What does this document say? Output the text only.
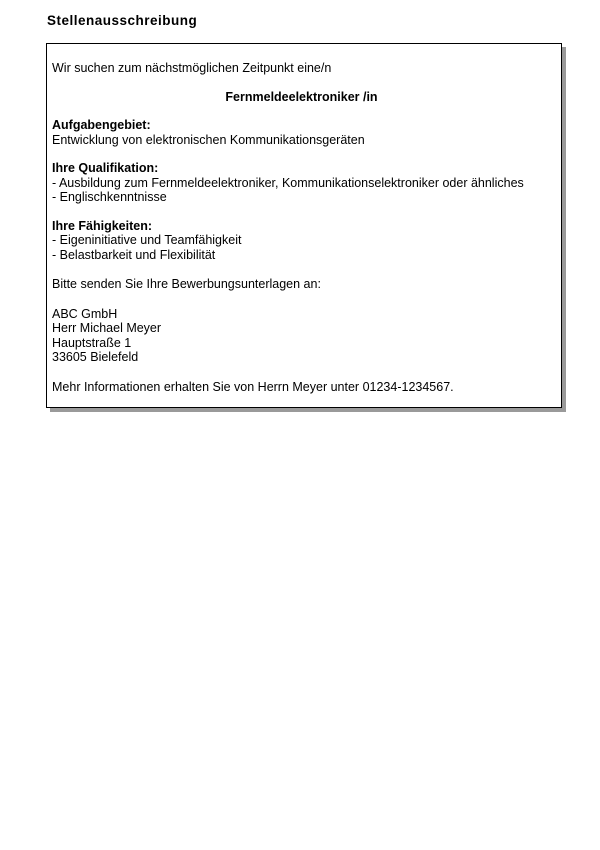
Stellenausschreibung
Wir suchen zum nächstmöglichen Zeitpunkt eine/n
Fernmeldeelektroniker /in
Aufgabengebiet:
Entwicklung von elektronischen Kommunikationsgeräten
Ihre Qualifikation:
- Ausbildung zum Fernmeldeelektroniker, Kommunikationselektroniker oder ähnliches
- Englischkenntnisse
Ihre Fähigkeiten:
- Eigeninitiative und Teamfähigkeit
- Belastbarkeit und Flexibilität
Bitte senden Sie Ihre Bewerbungsunterlagen an:
ABC GmbH
Herr Michael Meyer
Hauptstraße 1
33605 Bielefeld
Mehr Informationen erhalten Sie von Herrn Meyer unter 01234-1234567.
